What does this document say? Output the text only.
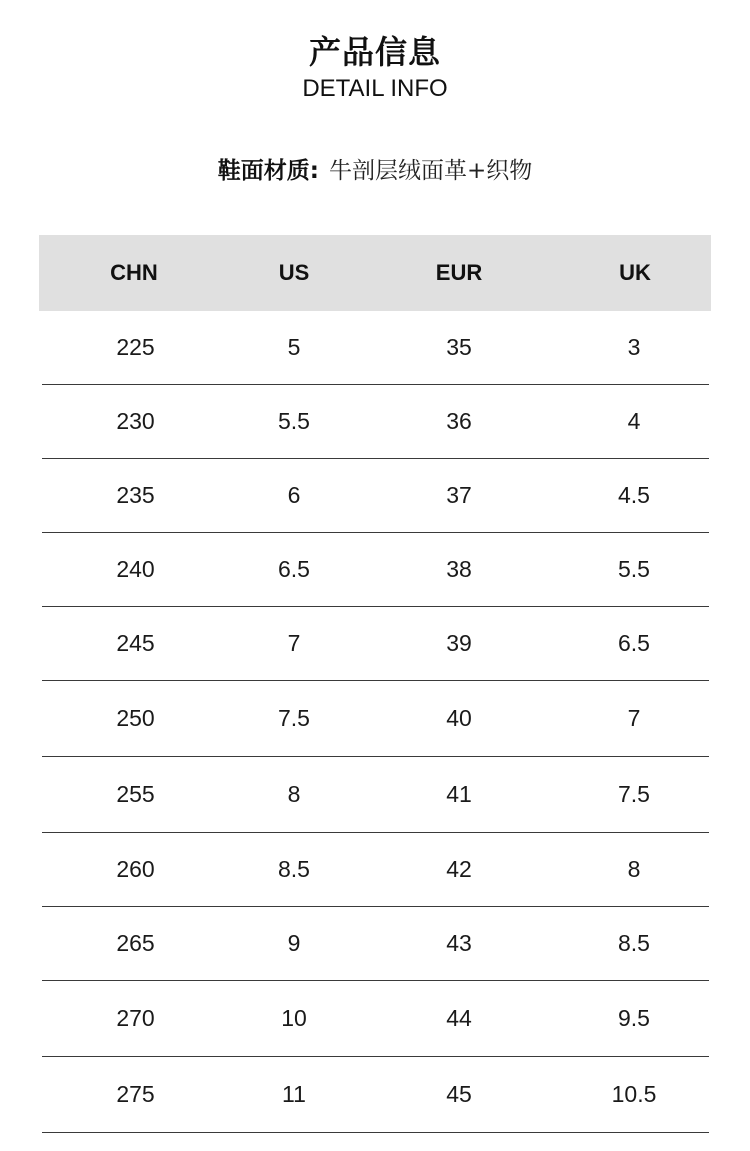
产品信息
DETAIL INFO
鞋面材质: 牛剖层绒面革+织物
CHN	US	EUR	UK
225	5	35	3
230	5.5	36	4
235	6	37	4.5
240	6.5	38	5.5
245	7	39	6.5
250	7.5	40	7
255	8	41	7.5
260	8.5	42	8
265	9	43	8.5
270	10	44	9.5
275	11	45	10.5
